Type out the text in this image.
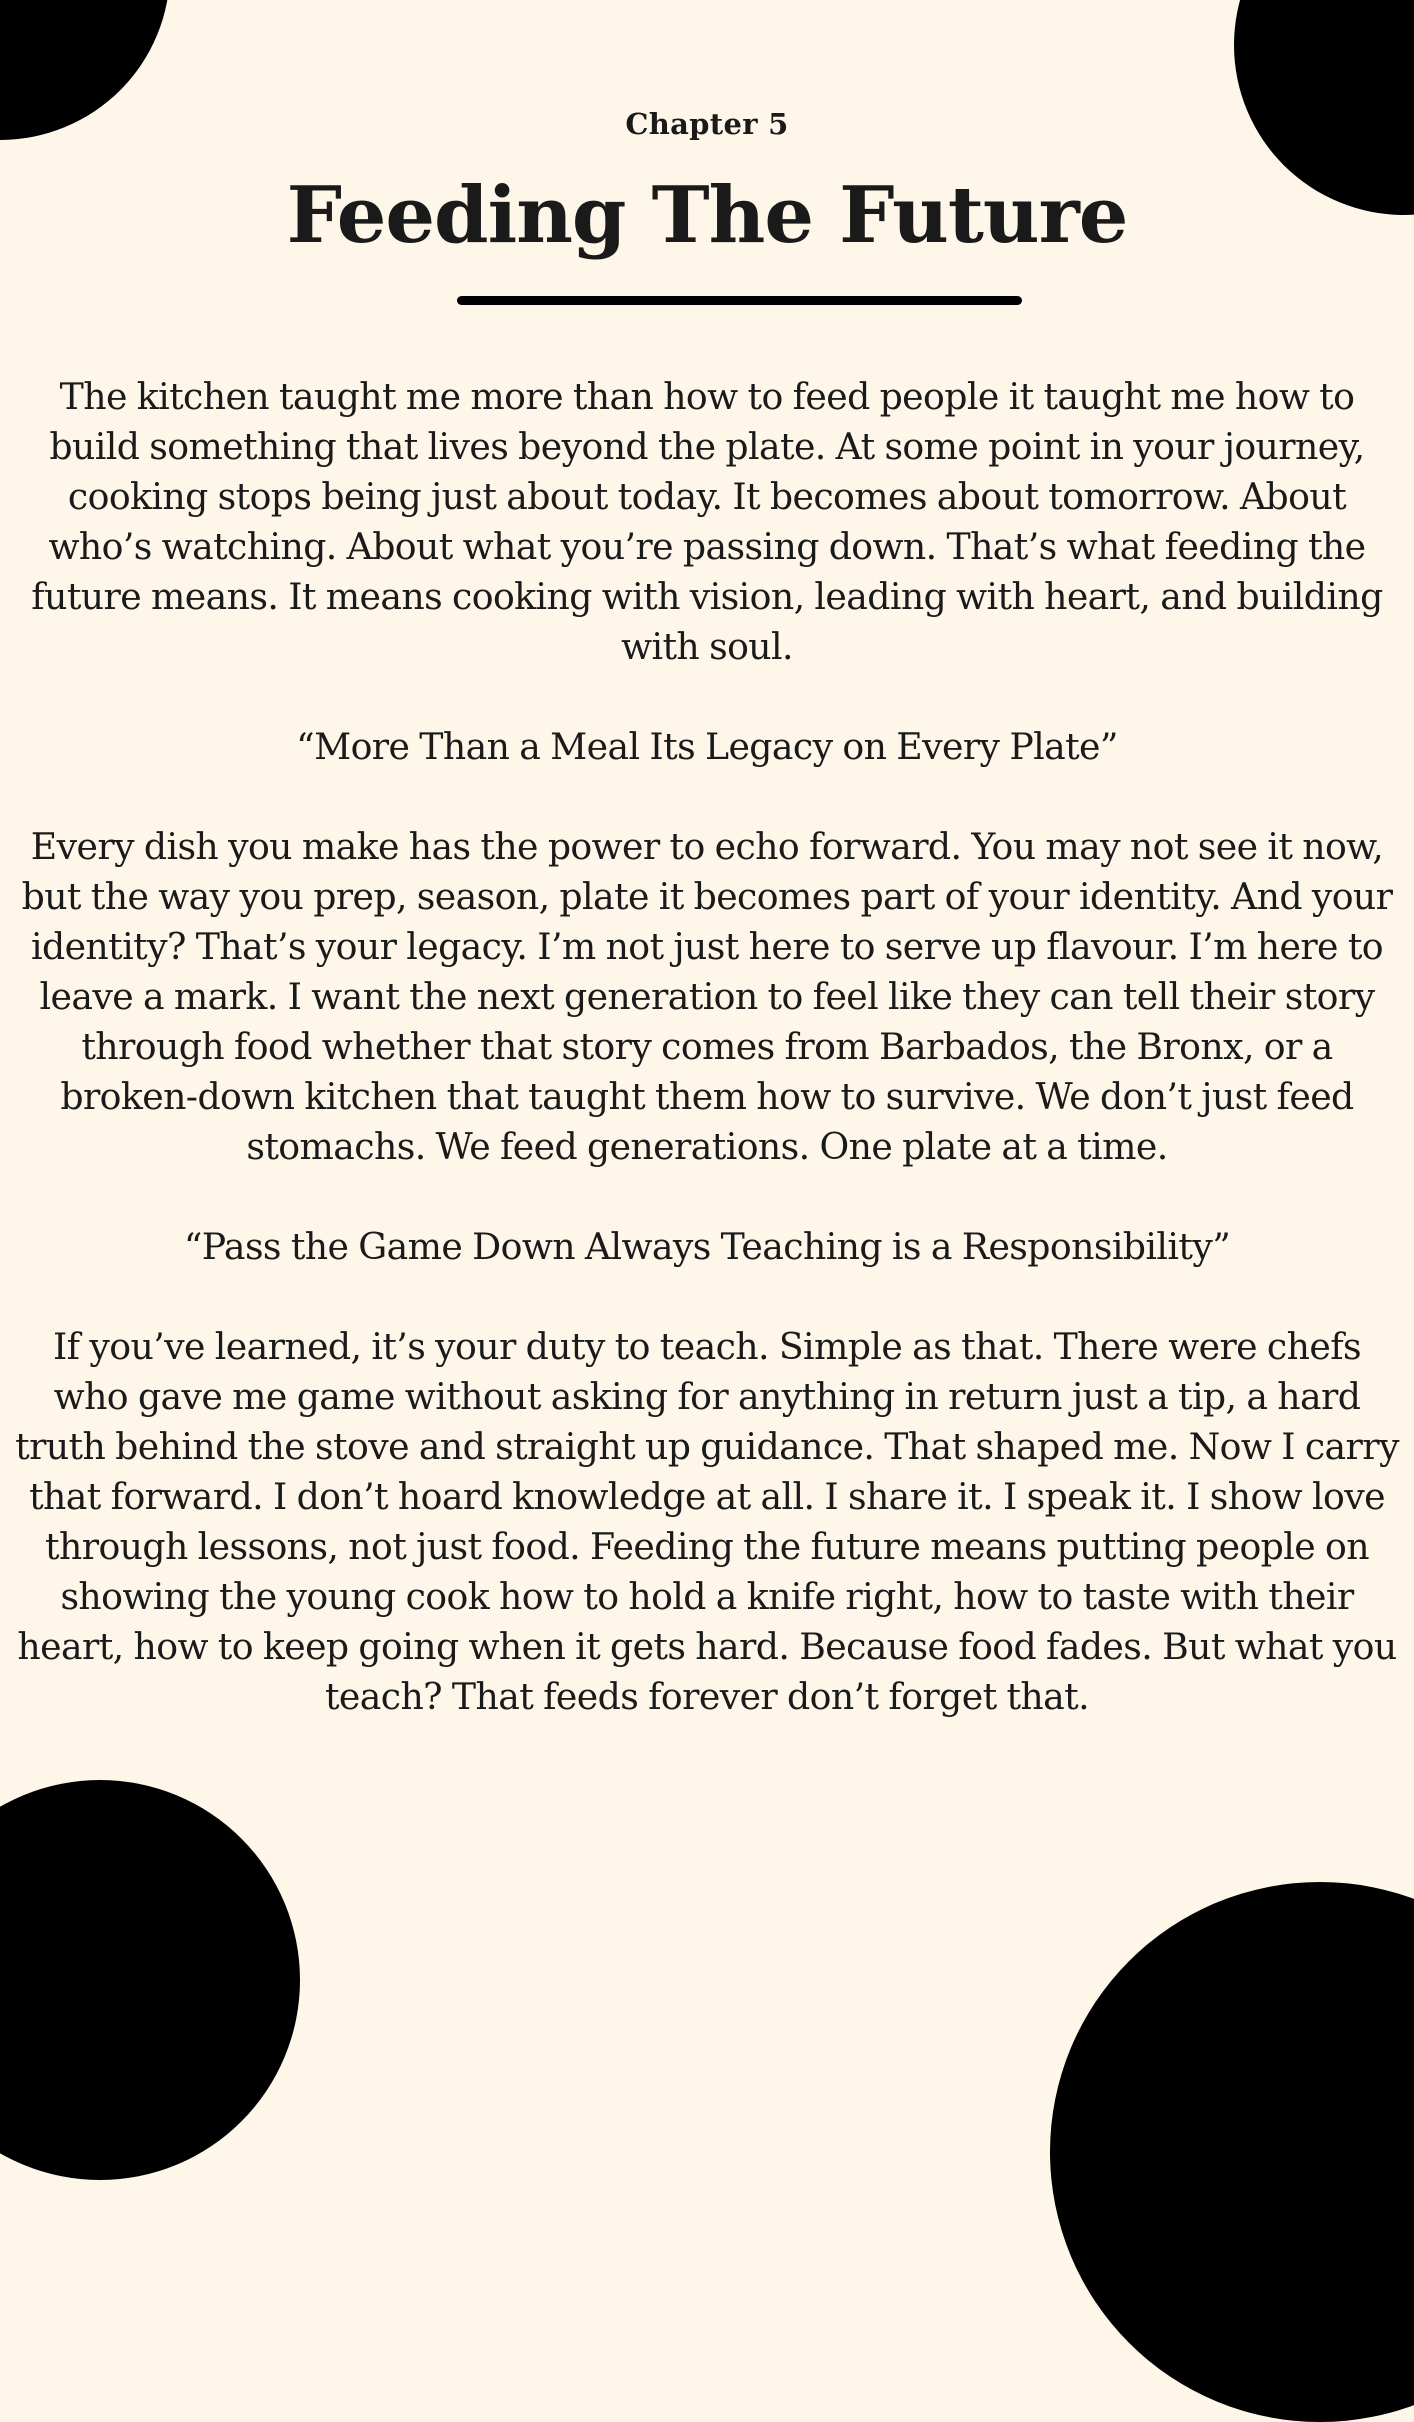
Chapter 5
Feeding The Future
The kitchen taught me more than how to feed people it taught me how to
build something that lives beyond the plate. At some point in your journey,
cooking stops being just about today. It becomes about tomorrow. About
who’s watching. About what you’re passing down. That’s what feeding the
future means. It means cooking with vision, leading with heart, and building
with soul.
“More Than a Meal Its Legacy on Every Plate”
Every dish you make has the power to echo forward. You may not see it now,
but the way you prep, season, plate it becomes part of your identity. And your
identity? That’s your legacy. I’m not just here to serve up flavour. I’m here to
leave a mark. I want the next generation to feel like they can tell their story
through food whether that story comes from Barbados, the Bronx, or a
broken-down kitchen that taught them how to survive. We don’t just feed
stomachs. We feed generations. One plate at a time.
“Pass the Game Down Always Teaching is a Responsibility”
If you’ve learned, it’s your duty to teach. Simple as that. There were chefs
who gave me game without asking for anything in return just a tip, a hard
truth behind the stove and straight up guidance. That shaped me. Now I carry
that forward. I don’t hoard knowledge at all. I share it. I speak it. I show love
through lessons, not just food. Feeding the future means putting people on
showing the young cook how to hold a knife right, how to taste with their
heart, how to keep going when it gets hard. Because food fades. But what you
teach? That feeds forever don’t forget that.
